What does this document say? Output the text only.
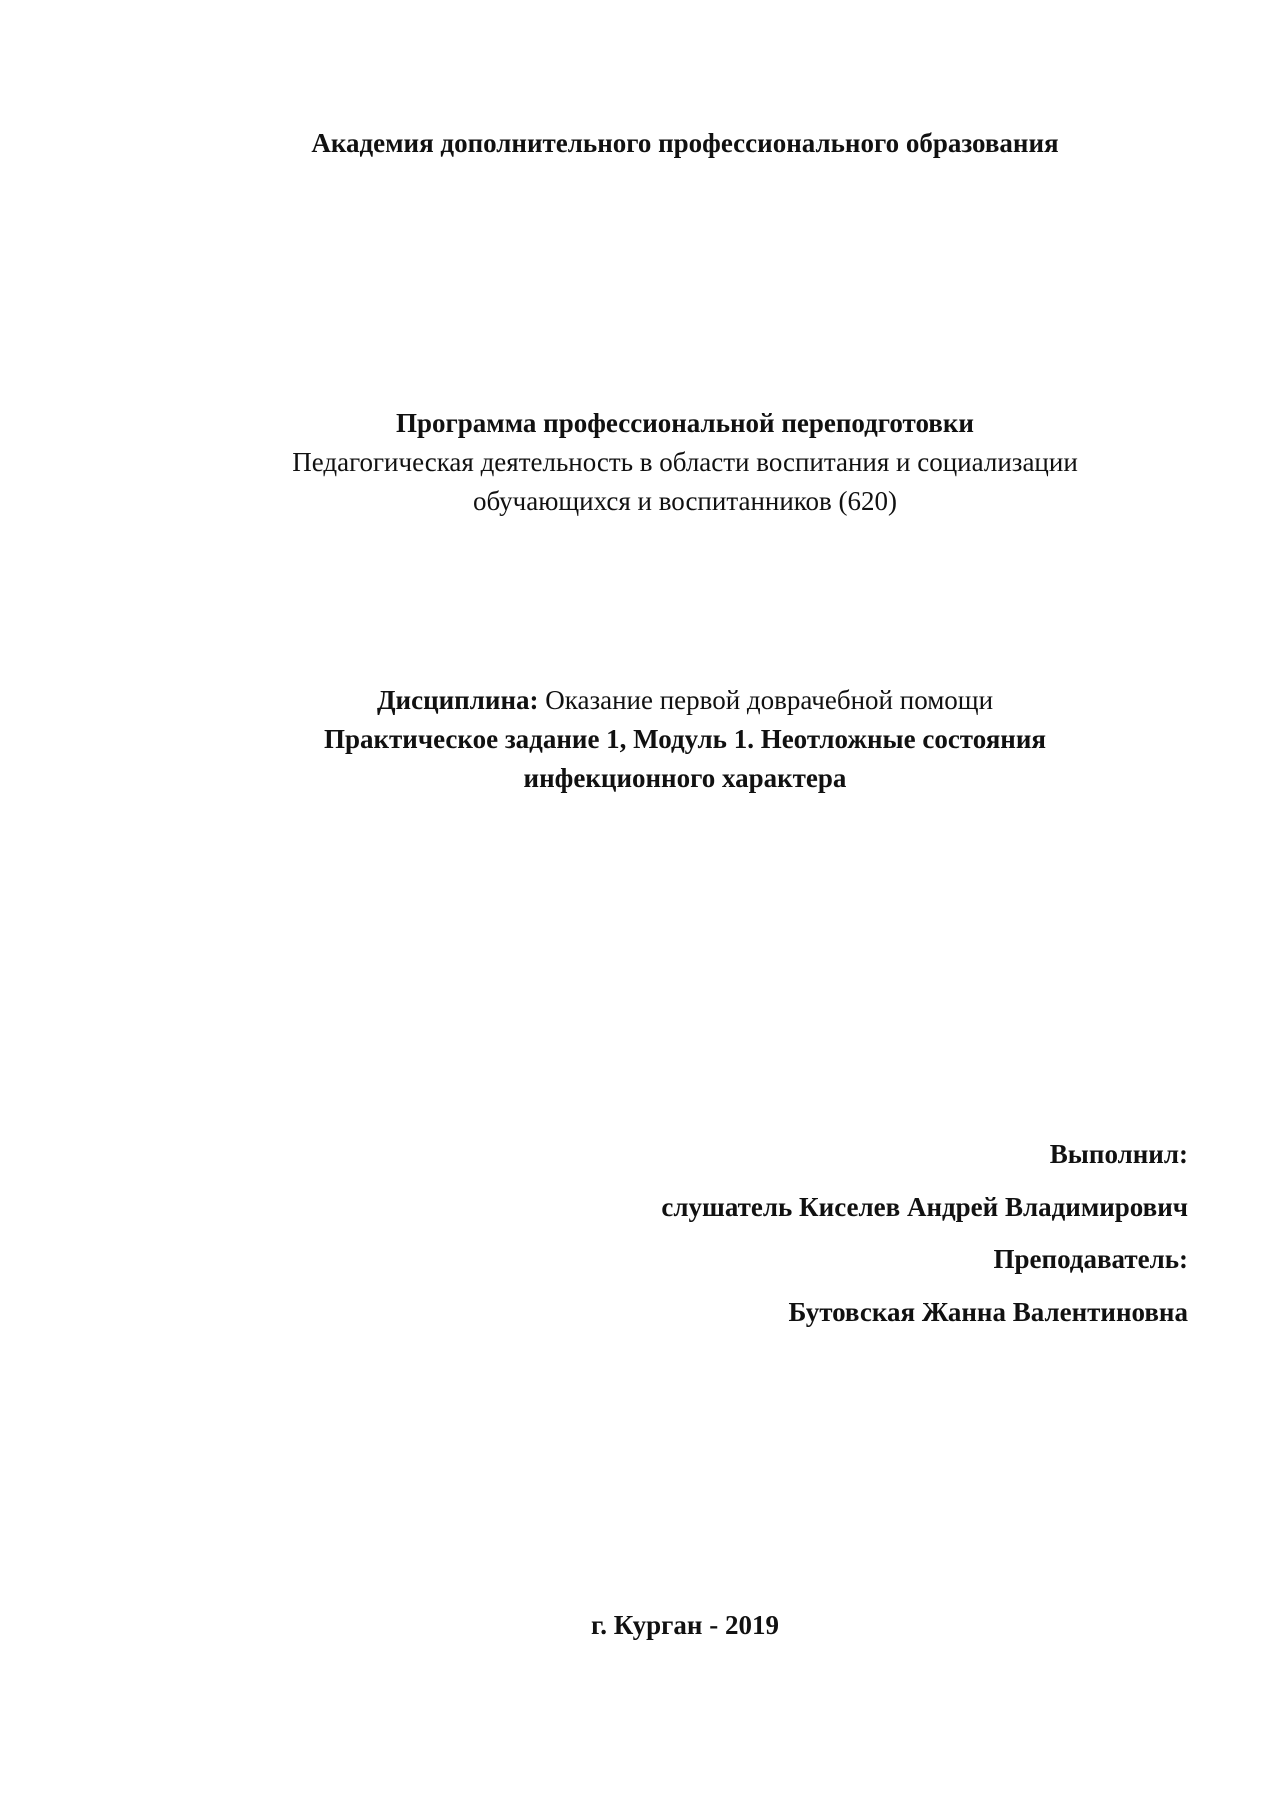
Академия дополнительного профессионального образования
Программа профессиональной переподготовки
Педагогическая деятельность в области воспитания и социализации
обучающихся и воспитанников (620)
Дисциплина: Оказание первой доврачебной помощи
Практическое задание 1, Модуль 1. Неотложные состояния
инфекционного характера
Выполнил:
слушатель Киселев Андрей Владимирович
Преподаватель:
Бутовская Жанна Валентиновна
г. Курган - 2019
